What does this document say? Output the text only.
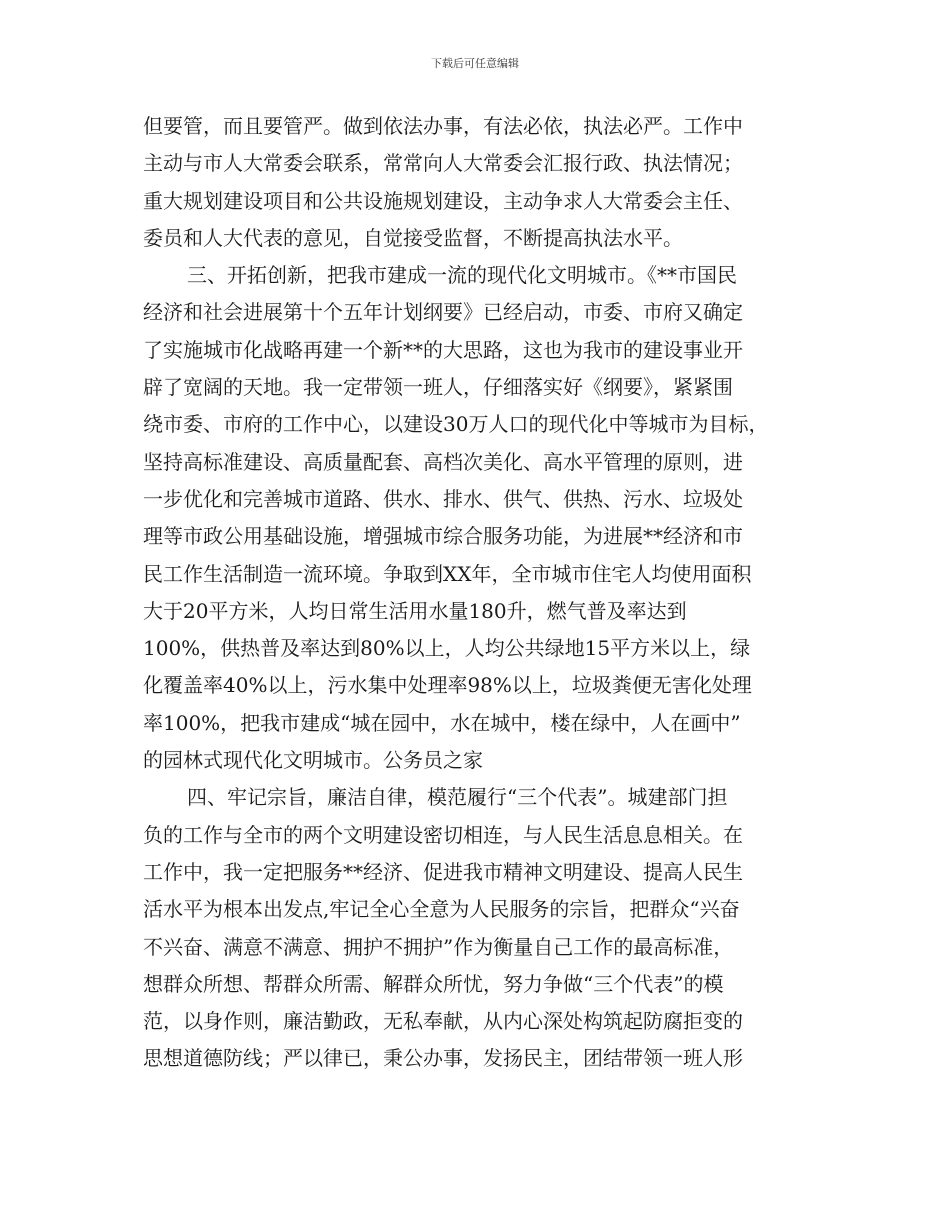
下载后可任意编辑
但要管，而且要管严。做到依法办事，有法必依，执法必严。工作中
主动与市人大常委会联系，常常向人大常委会汇报行政、执法情况；
重大规划建设项目和公共设施规划建设，主动争求人大常委会主任、
委员和人大代表的意见，自觉接受监督，不断提高执法水平。
三、开拓创新，把我市建成一流的现代化文明城市。《**市国民
经济和社会进展第十个五年计划纲要》已经启动，市委、市府又确定
了实施城市化战略再建一个新**的大思路，这也为我市的建设事业开
辟了宽阔的天地。我一定带领一班人，仔细落实好《纲要》，紧紧围
绕市委、市府的工作中心，以建设30万人口的现代化中等城市为目标，
坚持高标准建设、高质量配套、高档次美化、高水平管理的原则，进
一步优化和完善城市道路、供水、排水、供气、供热、污水、垃圾处
理等市政公用基础设施，增强城市综合服务功能，为进展**经济和市
民工作生活制造一流环境。争取到XX年，全市城市住宅人均使用面积
大于20平方米，人均日常生活用水量180升，燃气普及率达到
100%，供热普及率达到80%以上，人均公共绿地15平方米以上，绿
化覆盖率40%以上，污水集中处理率98%以上，垃圾粪便无害化处理
率100%，把我市建成“城在园中，水在城中，楼在绿中，人在画中”
的园林式现代化文明城市。公务员之家
四、牢记宗旨，廉洁自律，模范履行“三个代表”。城建部门担
负的工作与全市的两个文明建设密切相连，与人民生活息息相关。在
工作中，我一定把服务**经济、促进我市精神文明建设、提高人民生
活水平为根本出发点,牢记全心全意为人民服务的宗旨，把群众“兴奋
不兴奋、满意不满意、拥护不拥护”作为衡量自己工作的最高标准，
想群众所想、帮群众所需、解群众所忧，努力争做“三个代表”的模
范，以身作则，廉洁勤政，无私奉献，从内心深处构筑起防腐拒变的
思想道德防线；严以律已，秉公办事，发扬民主，团结带领一班人形
